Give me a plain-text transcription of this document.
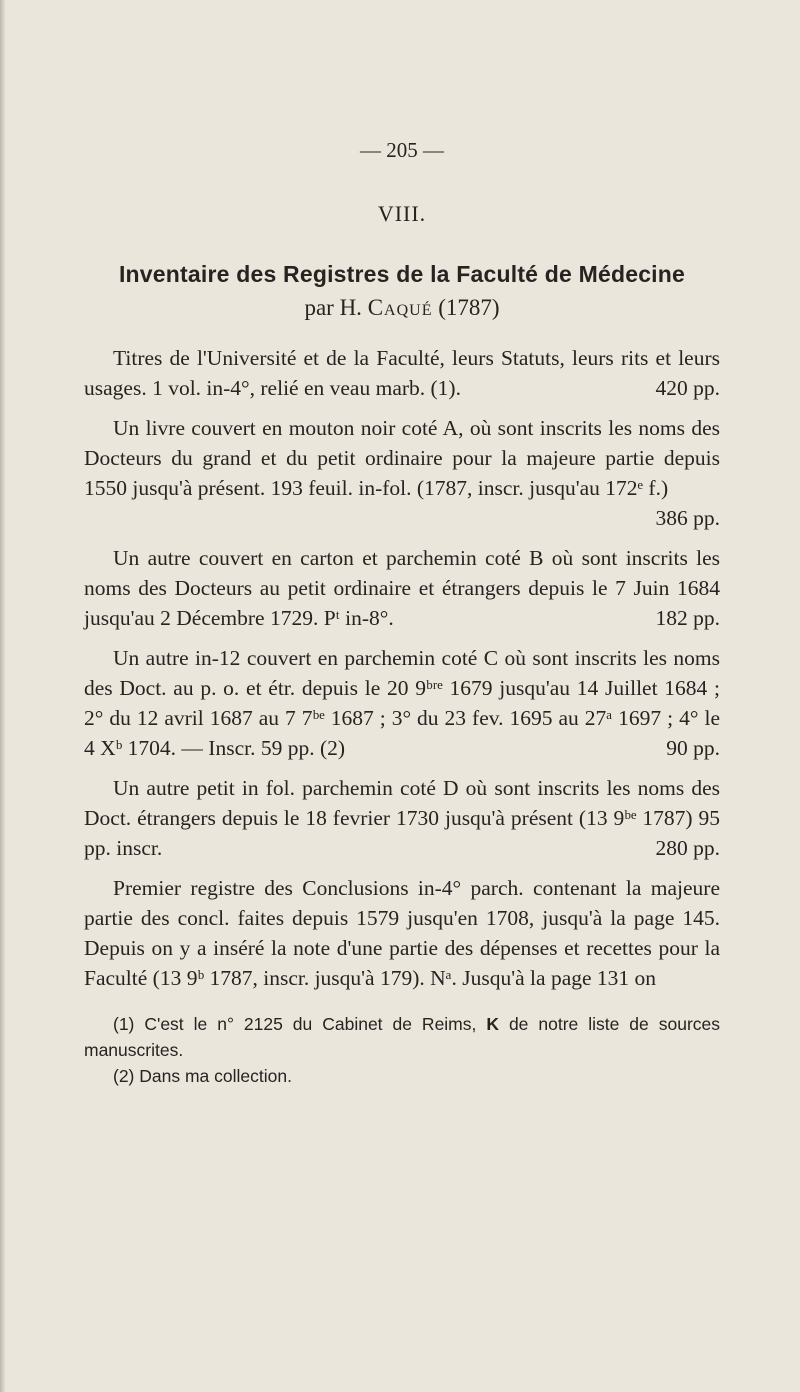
— 205 —
VIII.
Inventaire des Registres de la Faculté de Médecine
par H. Caqué (1787)

Titres de l'Université et de la Faculté, leurs Statuts, leurs rits et leurs usages. 1 vol. in-4°, relié en veau marb. (1).	420 pp.

Un livre couvert en mouton noir coté A, où sont inscrits les noms des Docteurs du grand et du petit ordinaire pour la majeure partie depuis 1550 jusqu'à présent. 193 feuil. in-fol. (1787, inscr. jusqu'au 172ᵉ f.)
386 pp.

Un autre couvert en carton et parchemin coté B où sont inscrits les noms des Docteurs au petit ordinaire et étrangers depuis le 7 Juin 1684 jusqu'au 2 Décembre 1729. Pᵗ in-8°.	182 pp.

Un autre in-12 couvert en parchemin coté C où sont inscrits les noms des Doct. au p. o. et étr. depuis le 20 9ᵇʳᵉ 1679 jusqu'au 14 Juillet 1684 ; 2° du 12 avril 1687 au 7 7ᵇᵉ 1687 ; 3° du 23 fev. 1695 au 27ᵃ 1697 ; 4° le 4 Xᵇ 1704. — Inscr. 59 pp. (2)	90 pp.

Un autre petit in fol. parchemin coté D où sont inscrits les noms des Doct. étrangers depuis le 18 fevrier 1730 jusqu'à présent (13 9ᵇᵉ 1787) 95 pp. inscr.	280 pp.

Premier registre des Conclusions in-4° parch. contenant la majeure partie des concl. faites depuis 1579 jusqu'en 1708, jusqu'à la page 145. Depuis on y a inséré la note d'une partie des dépenses et recettes pour la Faculté (13 9ᵇ 1787, inscr. jusqu'à 179). Nᵃ. Jusqu'à la page 131 on

(1) C'est le n° 2125 du Cabinet de Reims, K de notre liste de sources manuscrites.

(2) Dans ma collection.
